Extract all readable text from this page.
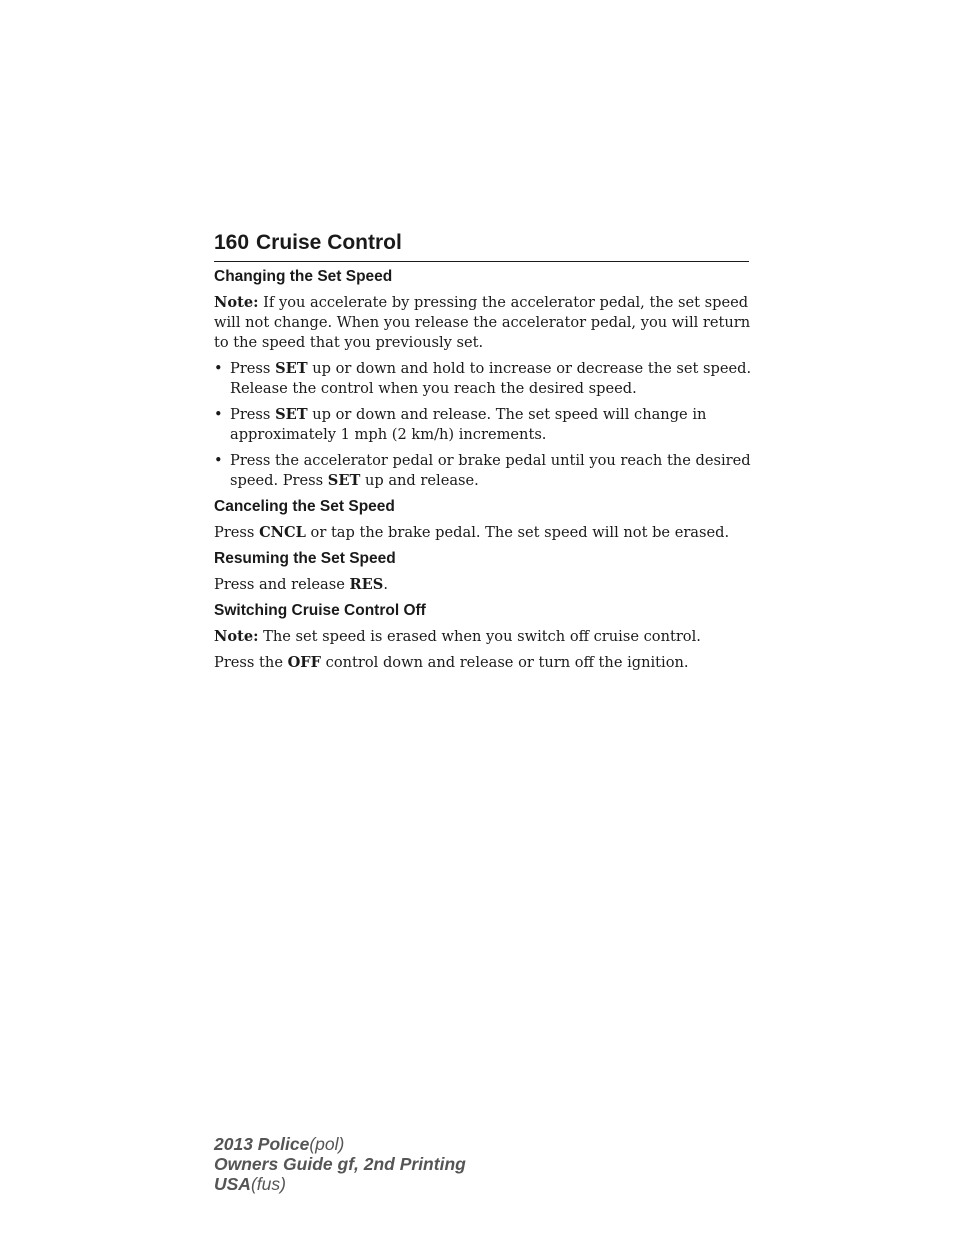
160 Cruise Control
Changing the Set Speed

Note: If you accelerate by pressing the accelerator pedal, the set speed will not change. When you release the accelerator pedal, you will return to the speed that you previously set.

• Press SET up or down and hold to increase or decrease the set speed. Release the control when you reach the desired speed.
• Press SET up or down and release. The set speed will change in approximately 1 mph (2 km/h) increments.
• Press the accelerator pedal or brake pedal until you reach the desired speed. Press SET up and release.
Canceling the Set Speed

Press CNCL or tap the brake pedal. The set speed will not be erased.

Resuming the Set Speed

Press and release RES.

Switching Cruise Control Off

Note: The set speed is erased when you switch off cruise control.

Press the OFF control down and release or turn off the ignition.

2013 Police(pol)
Owners Guide gf, 2nd Printing
USA(fus)
